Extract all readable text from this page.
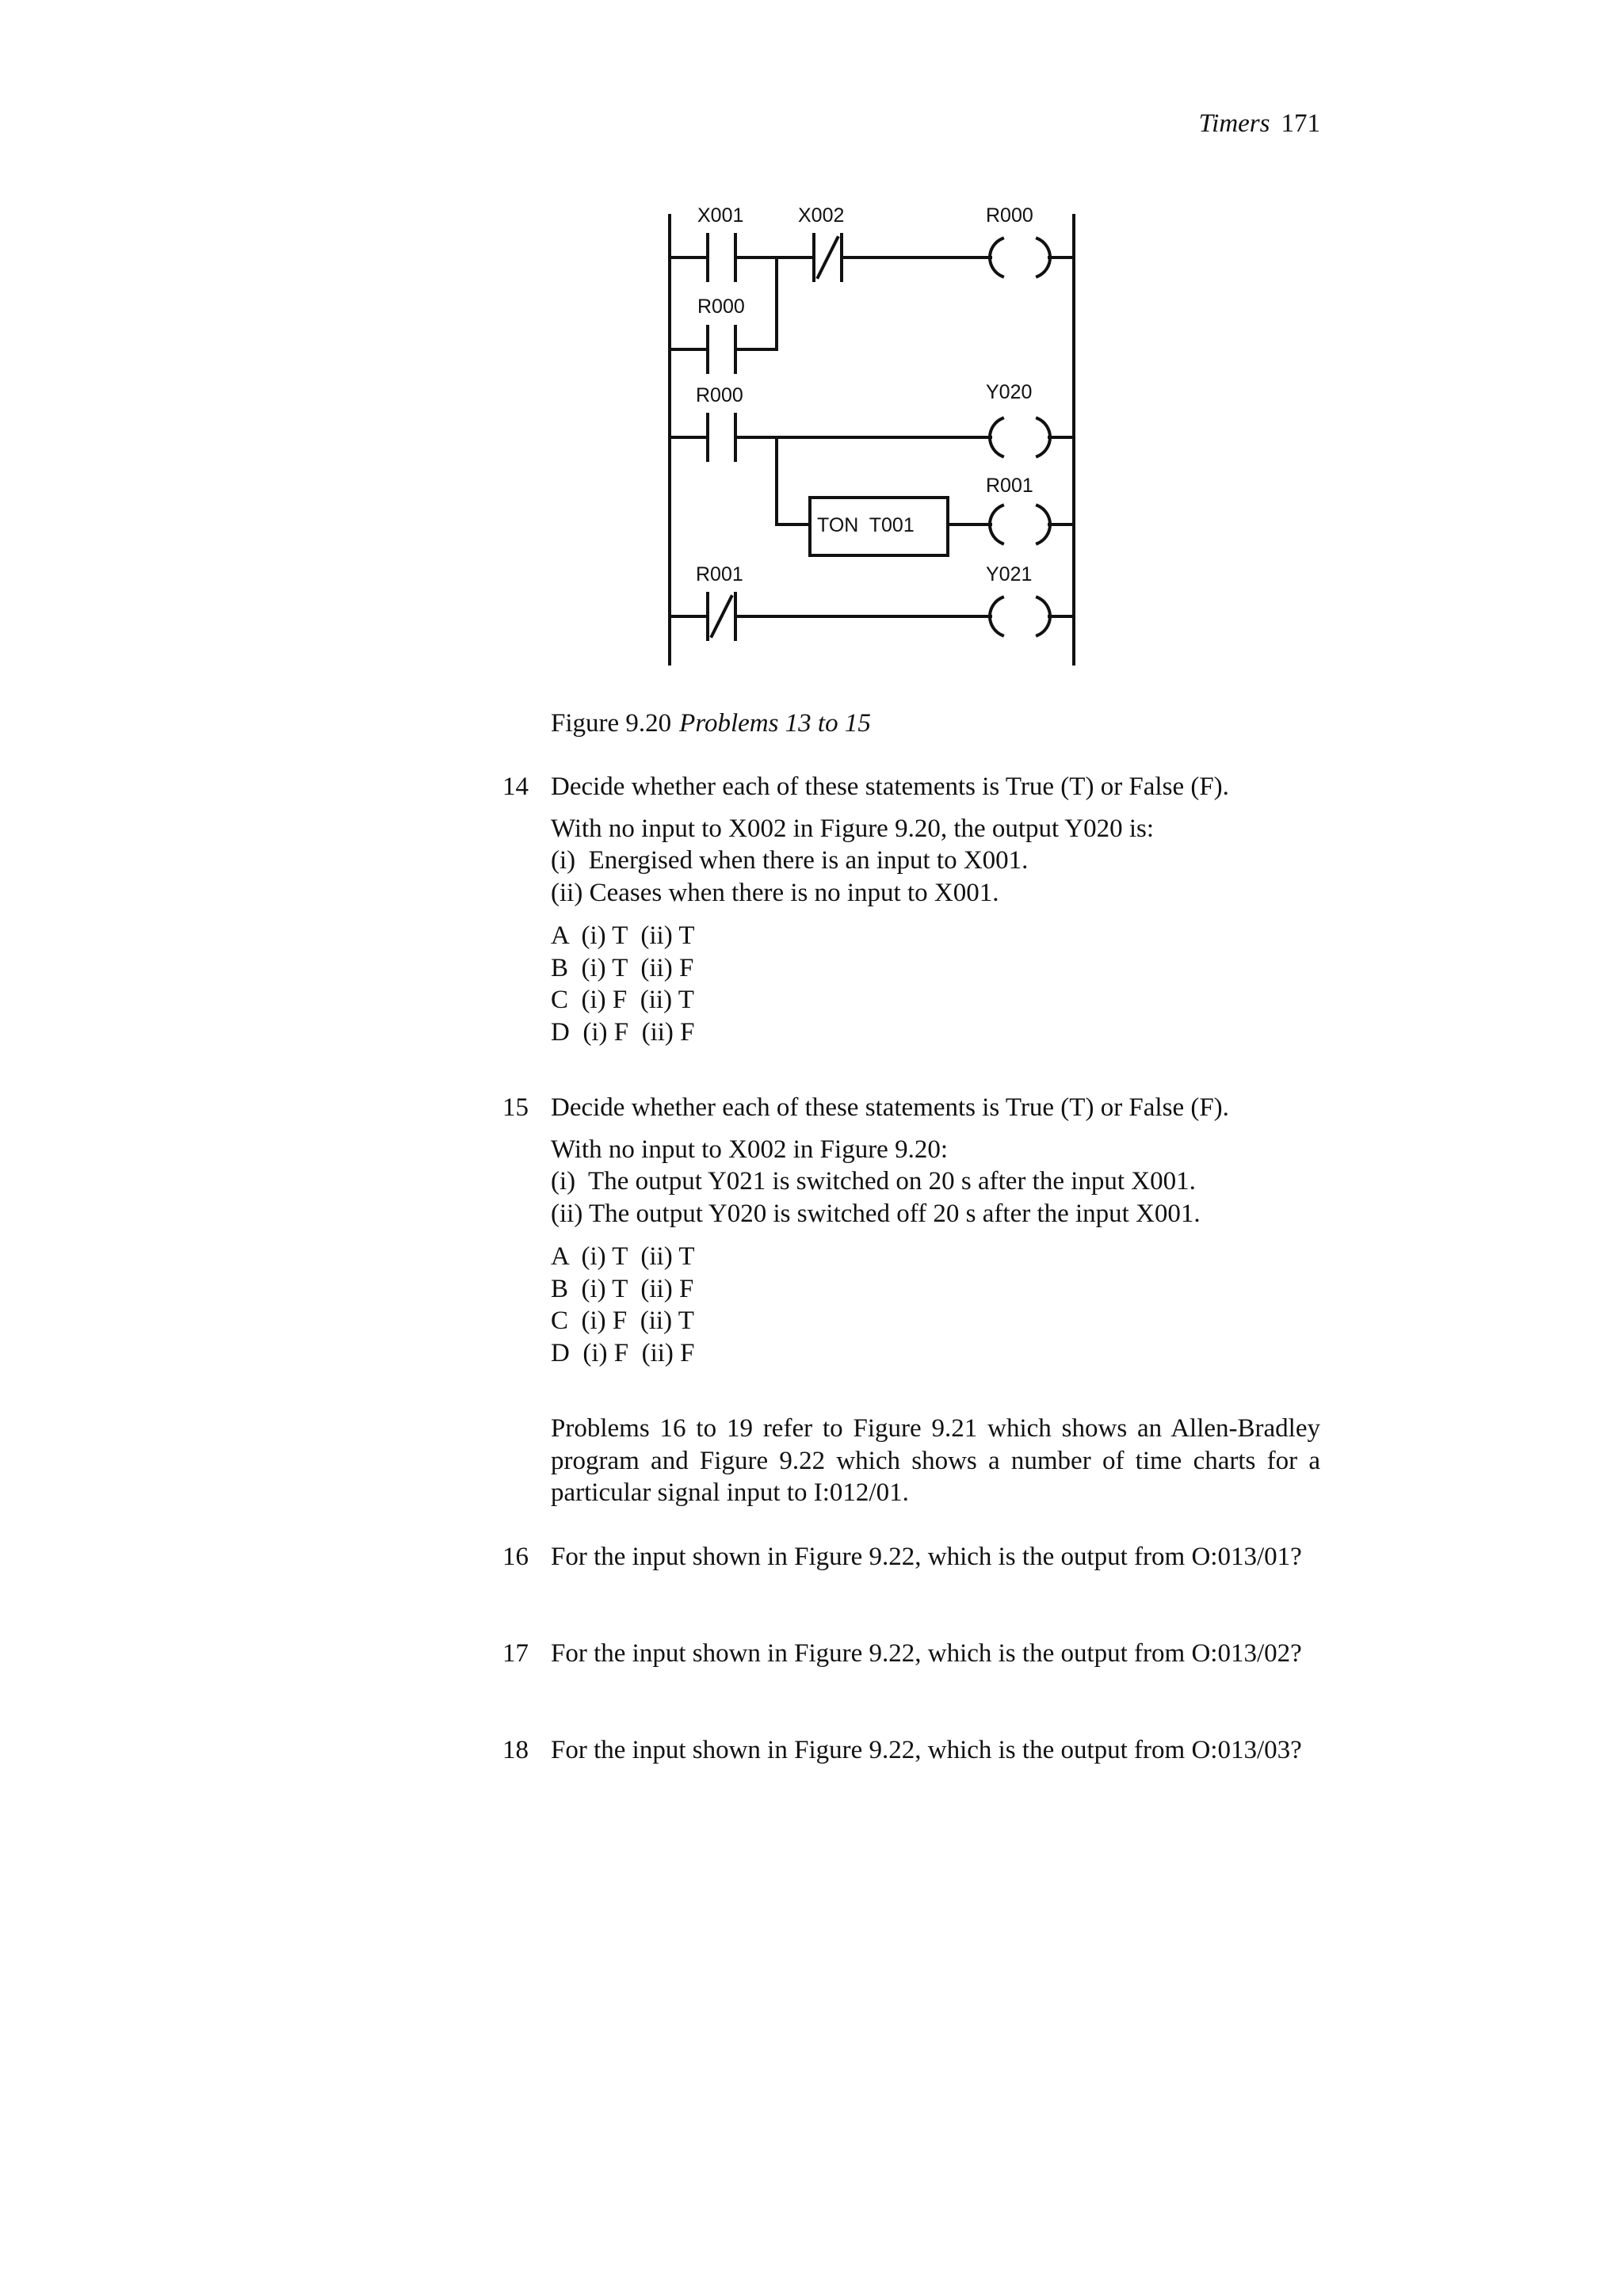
Timers 171
X001	X002	R000
R000
R000	Y020
TON  T001
R001
R001	Y021
Figure 9.20 Problems 13 to 15
14 Decide whether each of these statements is True (T) or False (F).

With no input to X002 in Figure 9.20, the output Y020 is:

(i)  Energised when there is an input to X001.

(ii) Ceases when there is no input to X001.

A  (i) T  (ii) T

B  (i) T  (ii) F

C  (i) F  (ii) T

D  (i) F  (ii) F

15 Decide whether each of these statements is True (T) or False (F).

With no input to X002 in Figure 9.20:

(i)  The output Y021 is switched on 20 s after the input X001.

(ii) The output Y020 is switched off 20 s after the input X001.

A  (i) T  (ii) T

B  (i) T  (ii) F

C  (i) F  (ii) T

D  (i) F  (ii) F

Problems 16 to 19 refer to Figure 9.21 which shows an Allen-Bradley program and Figure 9.22 which shows a number of time charts for a particular signal input to I:012/01.

16 For the input shown in Figure 9.22, which is the output from O:013/01?

17 For the input shown in Figure 9.22, which is the output from O:013/02?

18 For the input shown in Figure 9.22, which is the output from O:013/03?
